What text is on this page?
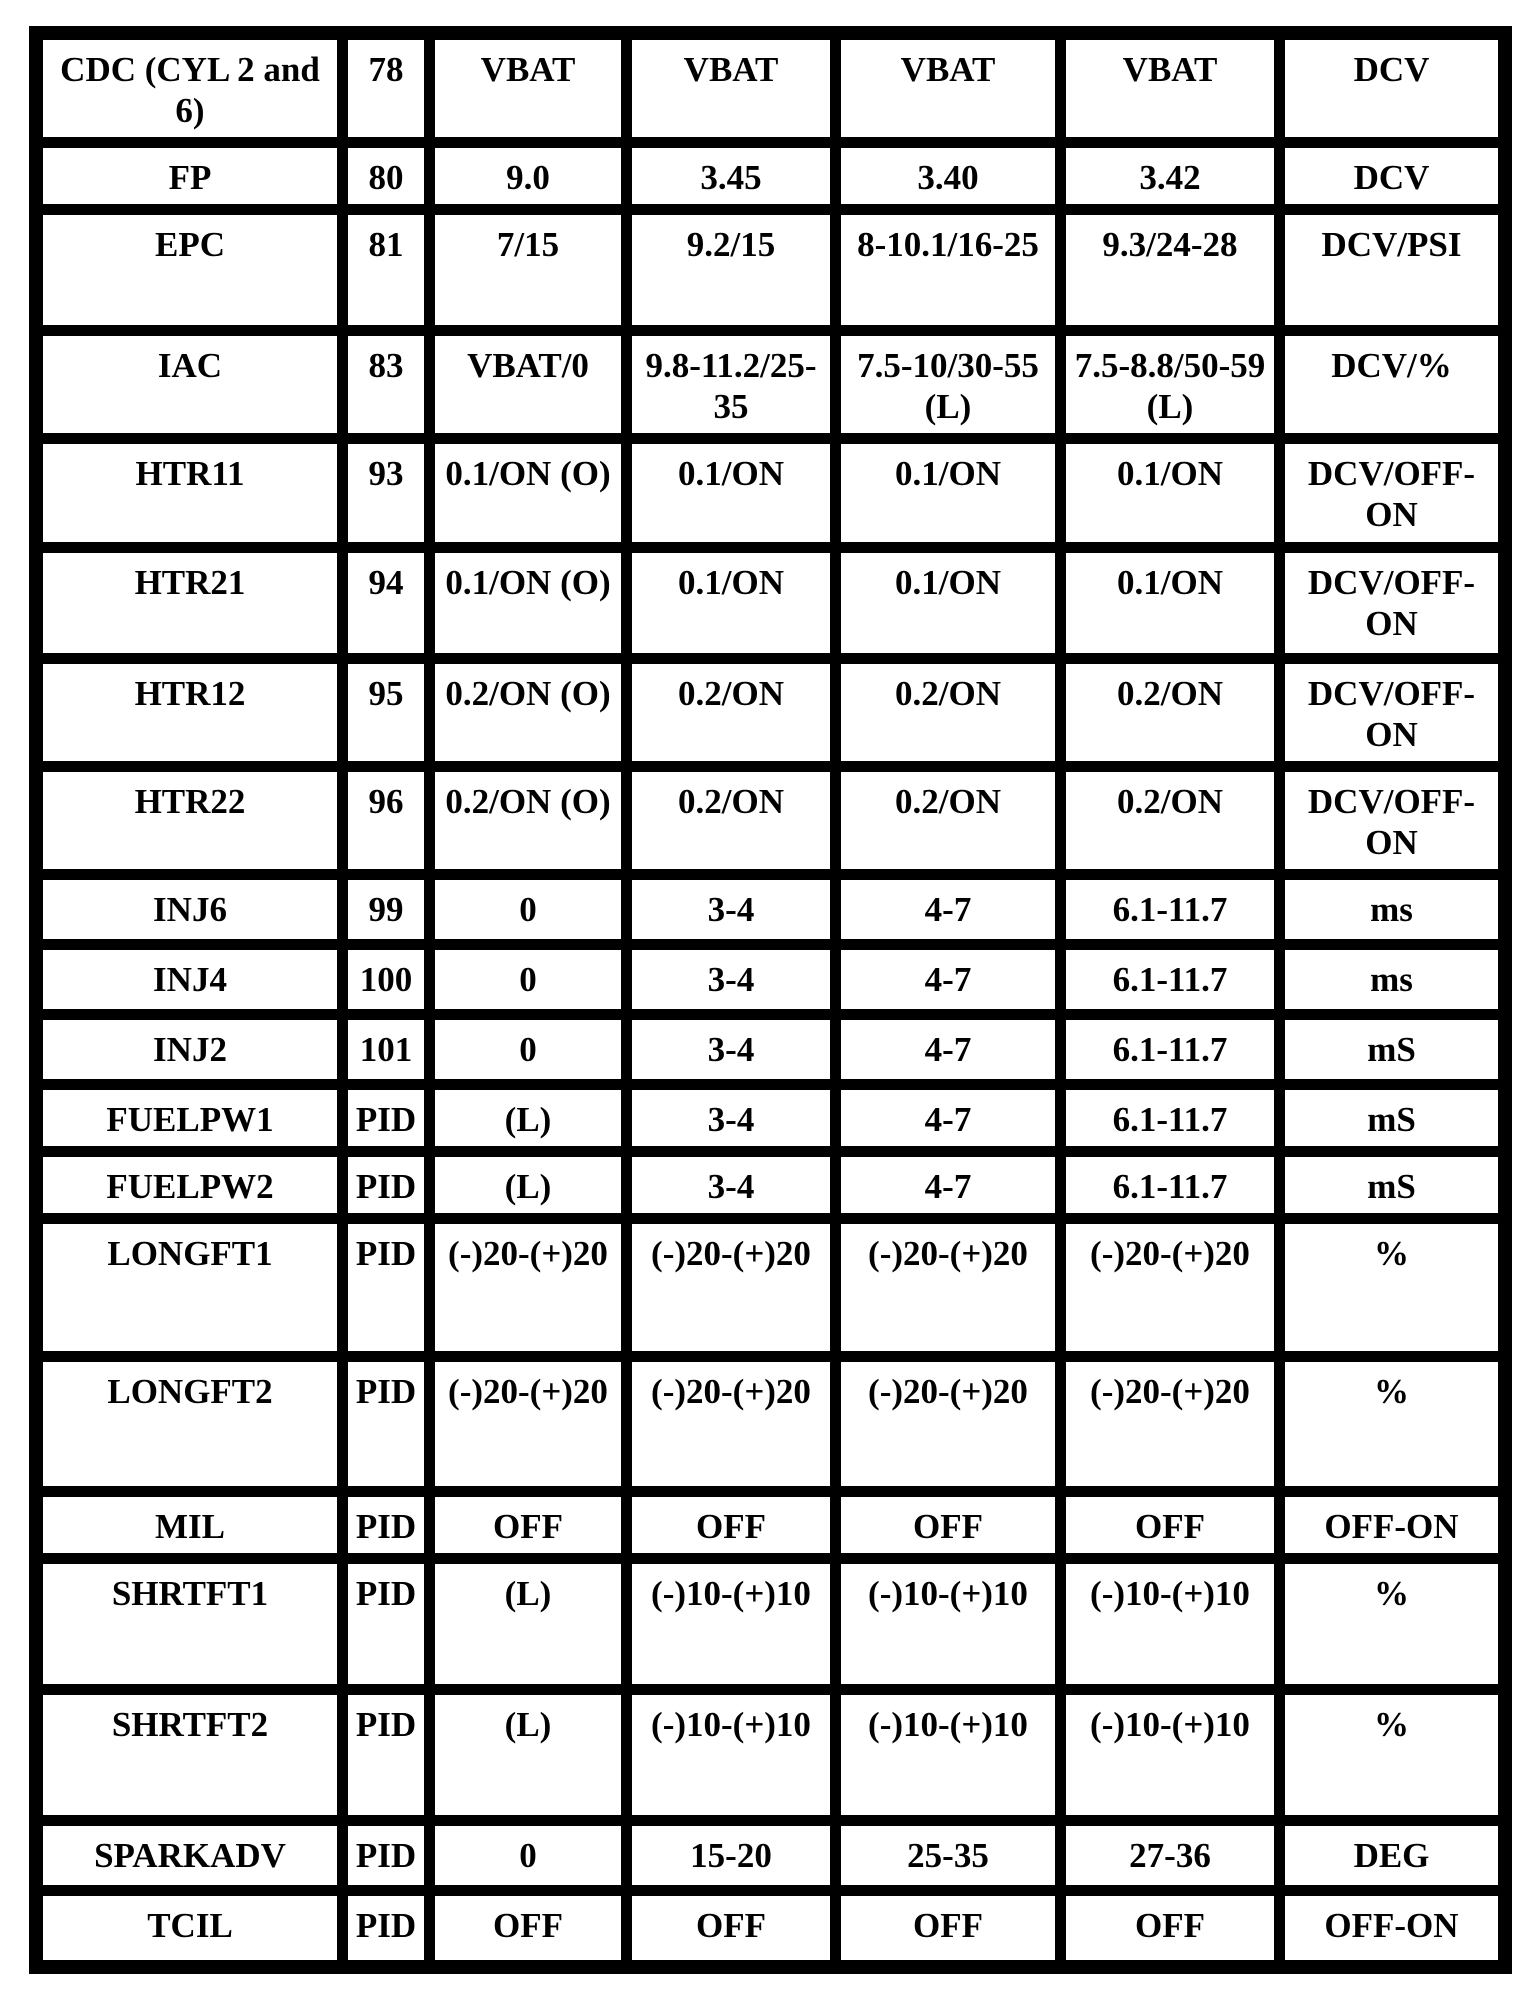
CDC (CYL 2 and 6)	78	VBAT	VBAT	VBAT	VBAT	DCV
FP	80	9.0	3.45	3.40	3.42	DCV
EPC	81	7/15	9.2/15	8-10.1/16-25	9.3/24-28	DCV/PSI
IAC	83	VBAT/0	9.8-11.2/25-35	7.5-10/30-55 (L)	7.5-8.8/50-59 (L)	DCV/%
HTR11	93	0.1/ON (O)	0.1/ON	0.1/ON	0.1/ON	DCV/OFF-ON
HTR21	94	0.1/ON (O)	0.1/ON	0.1/ON	0.1/ON	DCV/OFF-ON
HTR12	95	0.2/ON (O)	0.2/ON	0.2/ON	0.2/ON	DCV/OFF-ON
HTR22	96	0.2/ON (O)	0.2/ON	0.2/ON	0.2/ON	DCV/OFF-ON
INJ6	99	0	3-4	4-7	6.1-11.7	ms
INJ4	100	0	3-4	4-7	6.1-11.7	ms
INJ2	101	0	3-4	4-7	6.1-11.7	mS
FUELPW1	PID	(L)	3-4	4-7	6.1-11.7	mS
FUELPW2	PID	(L)	3-4	4-7	6.1-11.7	mS
LONGFT1	PID	(-)20-(+)20	(-)20-(+)20	(-)20-(+)20	(-)20-(+)20	%
LONGFT2	PID	(-)20-(+)20	(-)20-(+)20	(-)20-(+)20	(-)20-(+)20	%
MIL	PID	OFF	OFF	OFF	OFF	OFF-ON
SHRTFT1	PID	(L)	(-)10-(+)10	(-)10-(+)10	(-)10-(+)10	%
SHRTFT2	PID	(L)	(-)10-(+)10	(-)10-(+)10	(-)10-(+)10	%
SPARKADV	PID	0	15-20	25-35	27-36	DEG
TCIL	PID	OFF	OFF	OFF	OFF	OFF-ON
